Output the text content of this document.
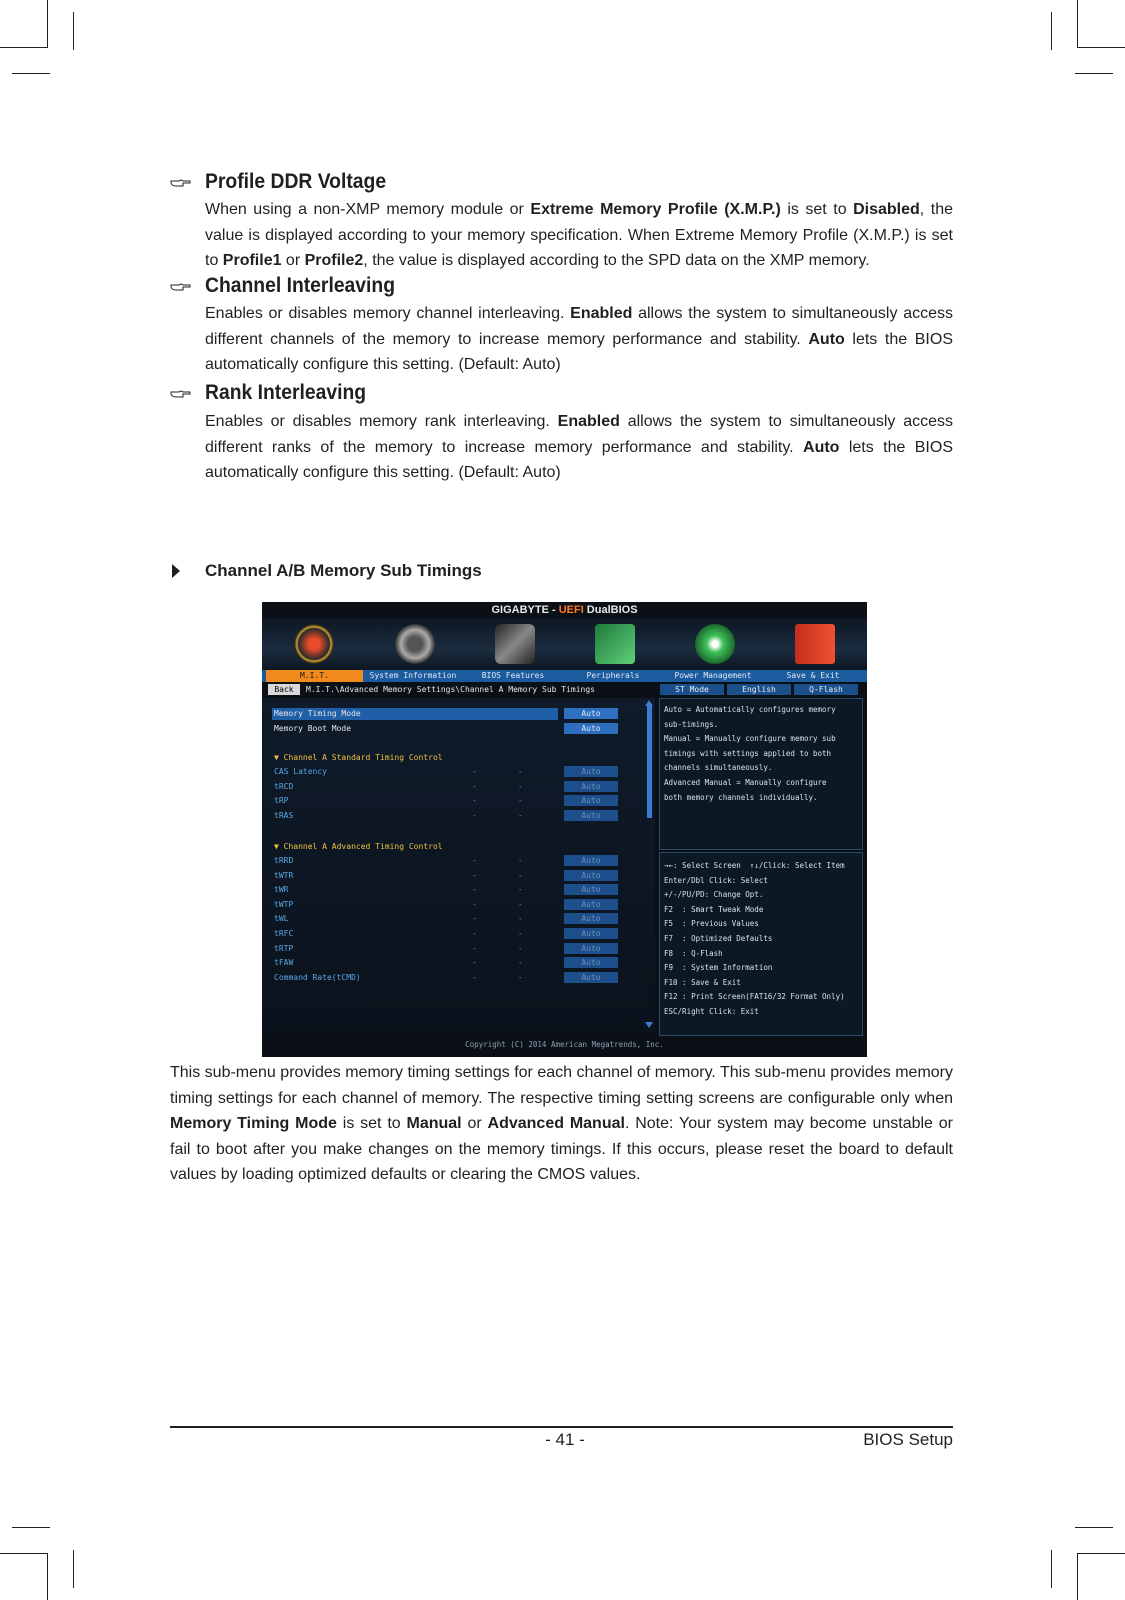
Profile DDR Voltage
When using a non-XMP memory module or Extreme Memory Profile (X.M.P.) is set to Disabled, the value is displayed according to your memory specification. When Extreme Memory Profile (X.M.P.) is set to Profile1 or Profile2, the value is displayed according to the SPD data on the XMP memory.
Channel Interleaving
Enables or disables memory channel interleaving. Enabled allows the system to simultaneously access different channels of the memory to increase memory performance and stability. Auto lets the BIOS automatically configure this setting. (Default: Auto)
Rank Interleaving
Enables or disables memory rank interleaving. Enabled allows the system to simultaneously access different ranks of the memory to increase memory performance and stability. Auto lets the BIOS automatically configure this setting. (Default: Auto)
Channel A/B Memory Sub Timings
GIGABYTE - UEFI DualBIOS
M.I.T.	System Information	BIOS Features	Peripherals	Power Management	Save & Exit
Back	M.I.T.\Advanced Memory Settings\Channel A Memory Sub Timings	ST Mode	English	Q-Flash
Memory Timing Mode	Auto
Memory Boot Mode	Auto
▼ Channel A Standard Timing Control
CAS Latency	-	-	Auto
tRCD	-	-	Auto
tRP	-	-	Auto
tRAS	-	-	Auto
▼ Channel A Advanced Timing Control
tRRD	-	-	Auto
tWTR	-	-	Auto
tWR	-	-	Auto
tWTP	-	-	Auto
tWL	-	-	Auto
tRFC	-	-	Auto
tRTP	-	-	Auto
tFAW	-	-	Auto
Command Rate(tCMD)	-	-	Auto
Auto = Automatically configures memory
sub-timings.
Manual = Manually configure memory sub
timings with settings applied to both
channels simultaneously.
Advanced Manual = Manually configure
both memory channels individually.
→←: Select Screen  ↑↓/Click: Select Item
Enter/Dbl Click: Select
+/-/PU/PD: Change Opt.
F2  : Smart Tweak Mode
F5  : Previous Values
F7  : Optimized Defaults
F8  : Q-Flash
F9  : System Information
F10 : Save & Exit
F12 : Print Screen(FAT16/32 Format Only)
ESC/Right Click: Exit
Copyright (C) 2014 American Megatrends, Inc.
This sub-menu provides memory timing settings for each channel of memory. This sub-menu provides memory timing settings for each channel of memory. The respective timing setting screens are configurable only when Memory Timing Mode is set to Manual or Advanced Manual. Note: Your system may become unstable or fail to boot after you make changes on the memory timings. If this occurs, please reset the board to default values by loading optimized defaults or clearing the CMOS values.
- 41 -	BIOS Setup
